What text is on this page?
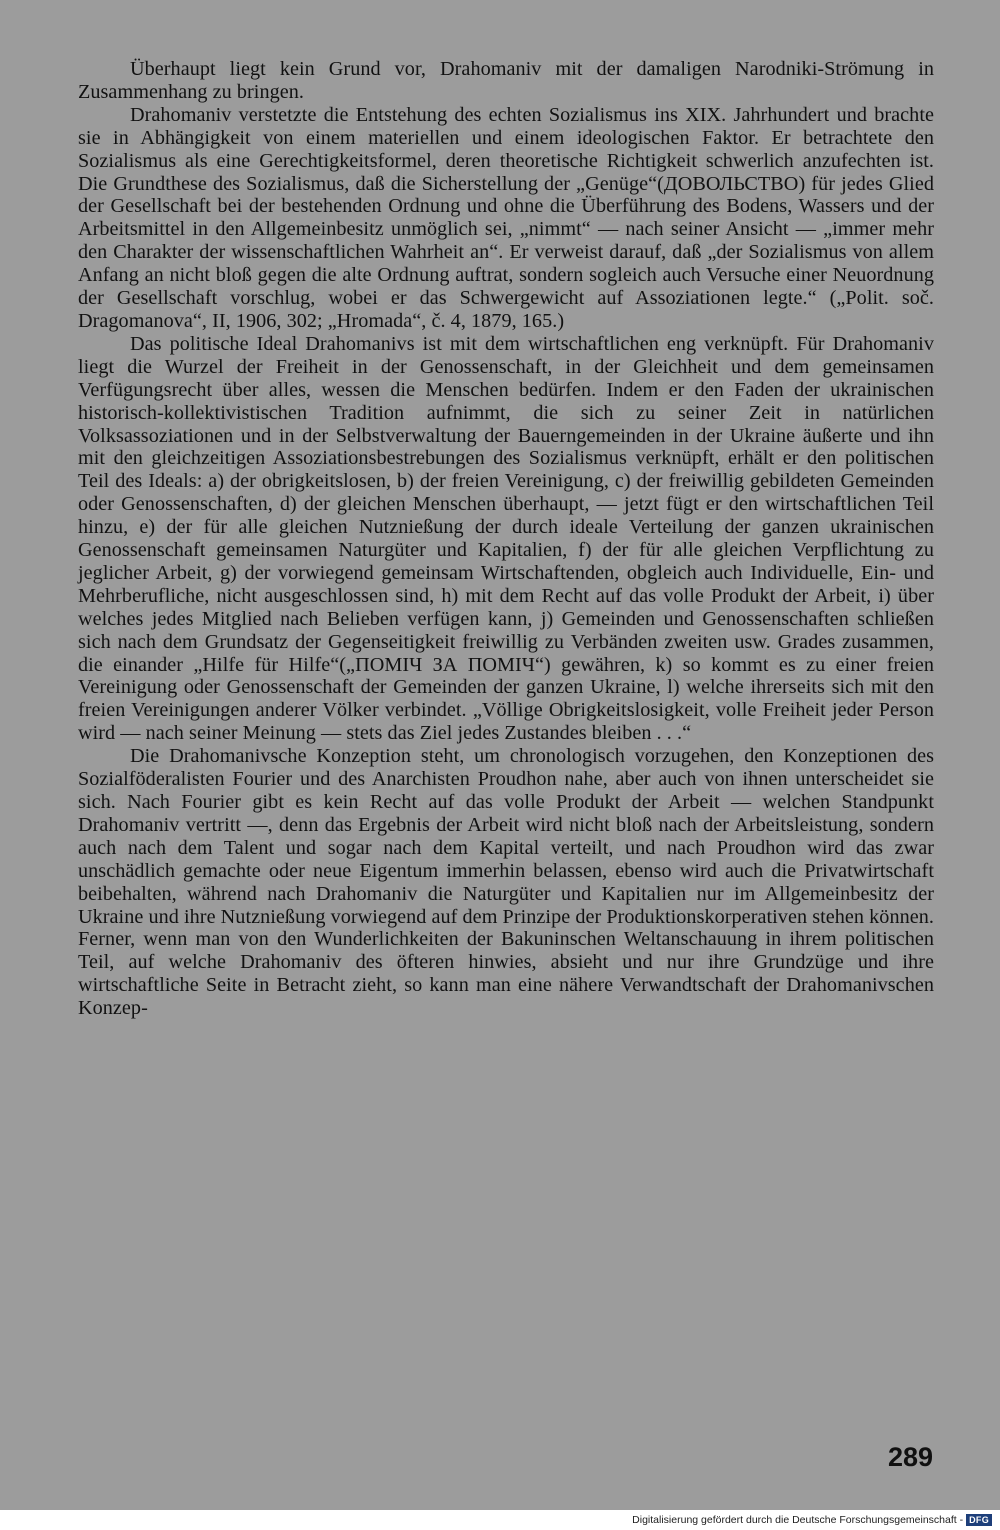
Überhaupt liegt kein Grund vor, Drahomaniv mit der damaligen Narodniki-Strömung in Zusammenhang zu bringen.

Drahomaniv verstetzte die Entstehung des echten Sozialismus ins XIX. Jahrhundert und brachte sie in Abhängigkeit von einem materiellen und einem ideologischen Faktor. Er betrachtete den Sozialismus als eine Gerechtigkeitsformel, deren theoretische Richtigkeit schwerlich anzufechten ist. Die Grundthese des Sozialismus, daß die Sicherstellung der „Genüge“(ДОВОЛЬСТВО) für jedes Glied der Gesellschaft bei der bestehenden Ordnung und ohne die Überführung des Bodens, Wassers und der Arbeitsmittel in den Allgemeinbesitz unmöglich sei, „nimmt“ — nach seiner Ansicht — „immer mehr den Charakter der wissenschaftlichen Wahrheit an“. Er verweist darauf, daß „der Sozialismus von allem Anfang an nicht bloß gegen die alte Ordnung auftrat, sondern sogleich auch Versuche einer Neuordnung der Gesellschaft vorschlug, wobei er das Schwergewicht auf Assoziationen legte.“ („Polit. soč. Dragomanova“, II, 1906, 302; „Hromada“, č. 4, 1879, 165.)

Das politische Ideal Drahomanivs ist mit dem wirtschaftlichen eng verknüpft. Für Drahomaniv liegt die Wurzel der Freiheit in der Genossenschaft, in der Gleichheit und dem gemeinsamen Verfügungsrecht über alles, wessen die Menschen bedürfen. Indem er den Faden der ukrainischen historisch-kollektivistischen Tradition aufnimmt, die sich zu seiner Zeit in natürlichen Volksassoziationen und in der Selbstverwaltung der Bauerngemeinden in der Ukraine äußerte und ihn mit den gleichzeitigen Assoziationsbestrebungen des Sozialismus verknüpft, erhält er den politischen Teil des Ideals: a) der obrigkeitslosen, b) der freien Vereinigung, c) der freiwillig gebildeten Gemeinden oder Genossenschaften, d) der gleichen Menschen überhaupt, — jetzt fügt er den wirtschaftlichen Teil hinzu, e) der für alle gleichen Nutznießung der durch ideale Verteilung der ganzen ukrainischen Genossenschaft gemeinsamen Naturgüter und Kapitalien, f) der für alle gleichen Verpflichtung zu jeglicher Arbeit, g) der vorwiegend gemeinsam Wirtschaftenden, obgleich auch Individuelle, Ein- und Mehrberufliche, nicht ausgeschlossen sind, h) mit dem Recht auf das volle Produkt der Arbeit, i) über welches jedes Mitglied nach Belieben verfügen kann, j) Gemeinden und Genossenschaften schließen sich nach dem Grundsatz der Gegenseitigkeit freiwillig zu Verbänden zweiten usw. Grades zusammen, die einander „Hilfe für Hilfe“(„ПОМІЧ ЗА ПОМІЧ“) gewähren, k) so kommt es zu einer freien Vereinigung oder Genossenschaft der Gemeinden der ganzen Ukraine, l) welche ihrerseits sich mit den freien Vereinigungen anderer Völker verbindet. „Völlige Obrigkeitslosigkeit, volle Freiheit jeder Person wird — nach seiner Meinung — stets das Ziel jedes Zustandes bleiben . . .“

Die Drahomanivsche Konzeption steht, um chronologisch vorzugehen, den Konzeptionen des Sozialföderalisten Fourier und des Anarchisten Proudhon nahe, aber auch von ihnen unterscheidet sie sich. Nach Fourier gibt es kein Recht auf das volle Produkt der Arbeit — welchen Standpunkt Drahomaniv vertritt —, denn das Ergebnis der Arbeit wird nicht bloß nach der Arbeitsleistung, sondern auch nach dem Talent und sogar nach dem Kapital verteilt, und nach Proudhon wird das zwar unschädlich gemachte oder neue Eigentum immerhin belassen, ebenso wird auch die Privatwirtschaft beibehalten, während nach Drahomaniv die Naturgüter und Kapitalien nur im Allgemeinbesitz der Ukraine und ihre Nutznießung vorwiegend auf dem Prinzipe der Produktionskorperativen stehen können. Ferner, wenn man von den Wunderlichkeiten der Bakuninschen Weltanschauung in ihrem politischen Teil, auf welche Drahomaniv des öfteren hinwies, absieht und nur ihre Grundzüge und ihre wirtschaftliche Seite in Betracht zieht, so kann man eine nähere Verwandtschaft der Drahomanivschen Konzep-

289
Digitalisierung gefördert durch die Deutsche Forschungsgemeinschaft - DFG
